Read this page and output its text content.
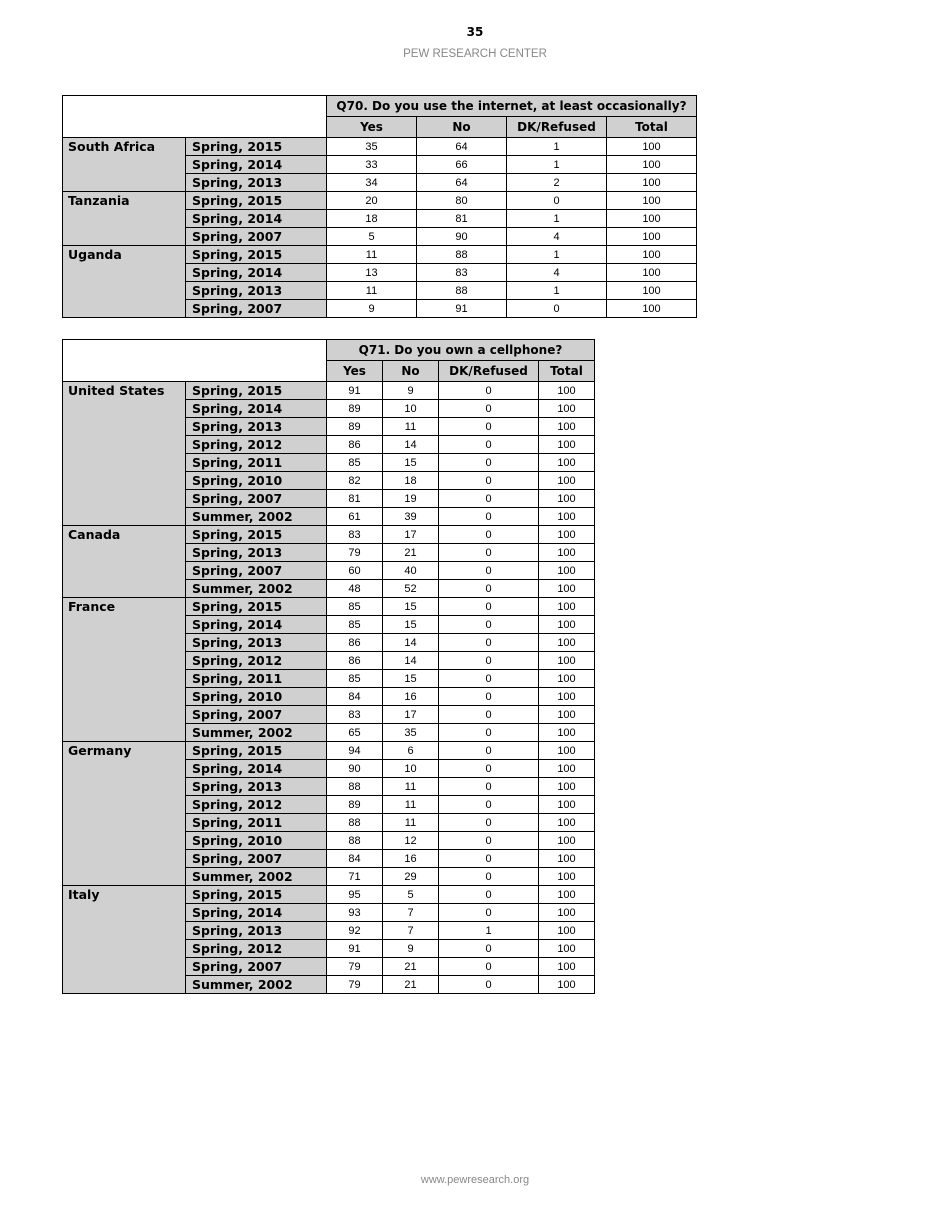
35
PEW RESEARCH CENTER
		Q70. Do you use the internet, at least occasionally?			
		Yes	No	DK/Refused	Total
South Africa	Spring, 2015	35	64	1	100
	Spring, 2014	33	66	1	100
	Spring, 2013	34	64	2	100
Tanzania	Spring, 2015	20	80	0	100
	Spring, 2014	18	81	1	100
	Spring, 2007	5	90	4	100
Uganda	Spring, 2015	11	88	1	100
	Spring, 2014	13	83	4	100
	Spring, 2013	11	88	1	100
	Spring, 2007	9	91	0	100
		Q71. Do you own a cellphone?			
		Yes	No	DK/Refused	Total
United States	Spring, 2015	91	9	0	100
	Spring, 2014	89	10	0	100
	Spring, 2013	89	11	0	100
	Spring, 2012	86	14	0	100
	Spring, 2011	85	15	0	100
	Spring, 2010	82	18	0	100
	Spring, 2007	81	19	0	100
	Summer, 2002	61	39	0	100
Canada	Spring, 2015	83	17	0	100
	Spring, 2013	79	21	0	100
	Spring, 2007	60	40	0	100
	Summer, 2002	48	52	0	100
France	Spring, 2015	85	15	0	100
	Spring, 2014	85	15	0	100
	Spring, 2013	86	14	0	100
	Spring, 2012	86	14	0	100
	Spring, 2011	85	15	0	100
	Spring, 2010	84	16	0	100
	Spring, 2007	83	17	0	100
	Summer, 2002	65	35	0	100
Germany	Spring, 2015	94	6	0	100
	Spring, 2014	90	10	0	100
	Spring, 2013	88	11	0	100
	Spring, 2012	89	11	0	100
	Spring, 2011	88	11	0	100
	Spring, 2010	88	12	0	100
	Spring, 2007	84	16	0	100
	Summer, 2002	71	29	0	100
Italy	Spring, 2015	95	5	0	100
	Spring, 2014	93	7	0	100
	Spring, 2013	92	7	1	100
	Spring, 2012	91	9	0	100
	Spring, 2007	79	21	0	100
	Summer, 2002	79	21	0	100
www.pewresearch.org
